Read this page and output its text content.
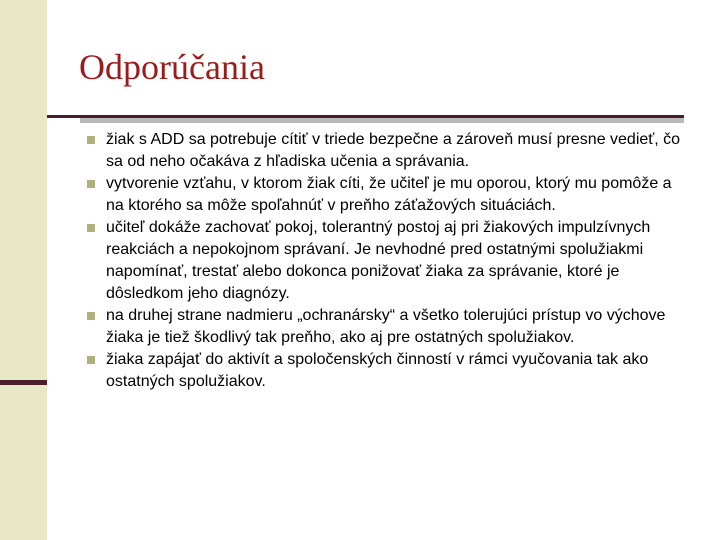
Odporúčania
žiak s ADD sa potrebuje cítiť v triede bezpečne a zároveň musí presne vedieť, čo sa od neho očakáva z hľadiska učenia a správania.
vytvorenie vzťahu, v ktorom žiak cíti, že učiteľ je mu oporou, ktorý mu pomôže a na ktorého sa môže spoľahnúť v preňho záťažových situáciách.
učiteľ dokáže zachovať pokoj, tolerantný postoj aj pri žiakových impulzívnych reakciách a nepokojnom správaní. Je nevhodné pred ostatnými spolužiakmi napomínať, trestať alebo dokonca ponižovať žiaka za správanie, ktoré je dôsledkom jeho diagnózy.
na druhej strane nadmieru „ochranársky“ a všetko tolerujúci prístup vo výchove žiaka je tiež škodlivý tak preňho, ako aj pre ostatných spolužiakov.
žiaka zapájať do aktivít a spoločenských činností v rámci vyučovania tak ako ostatných spolužiakov.
